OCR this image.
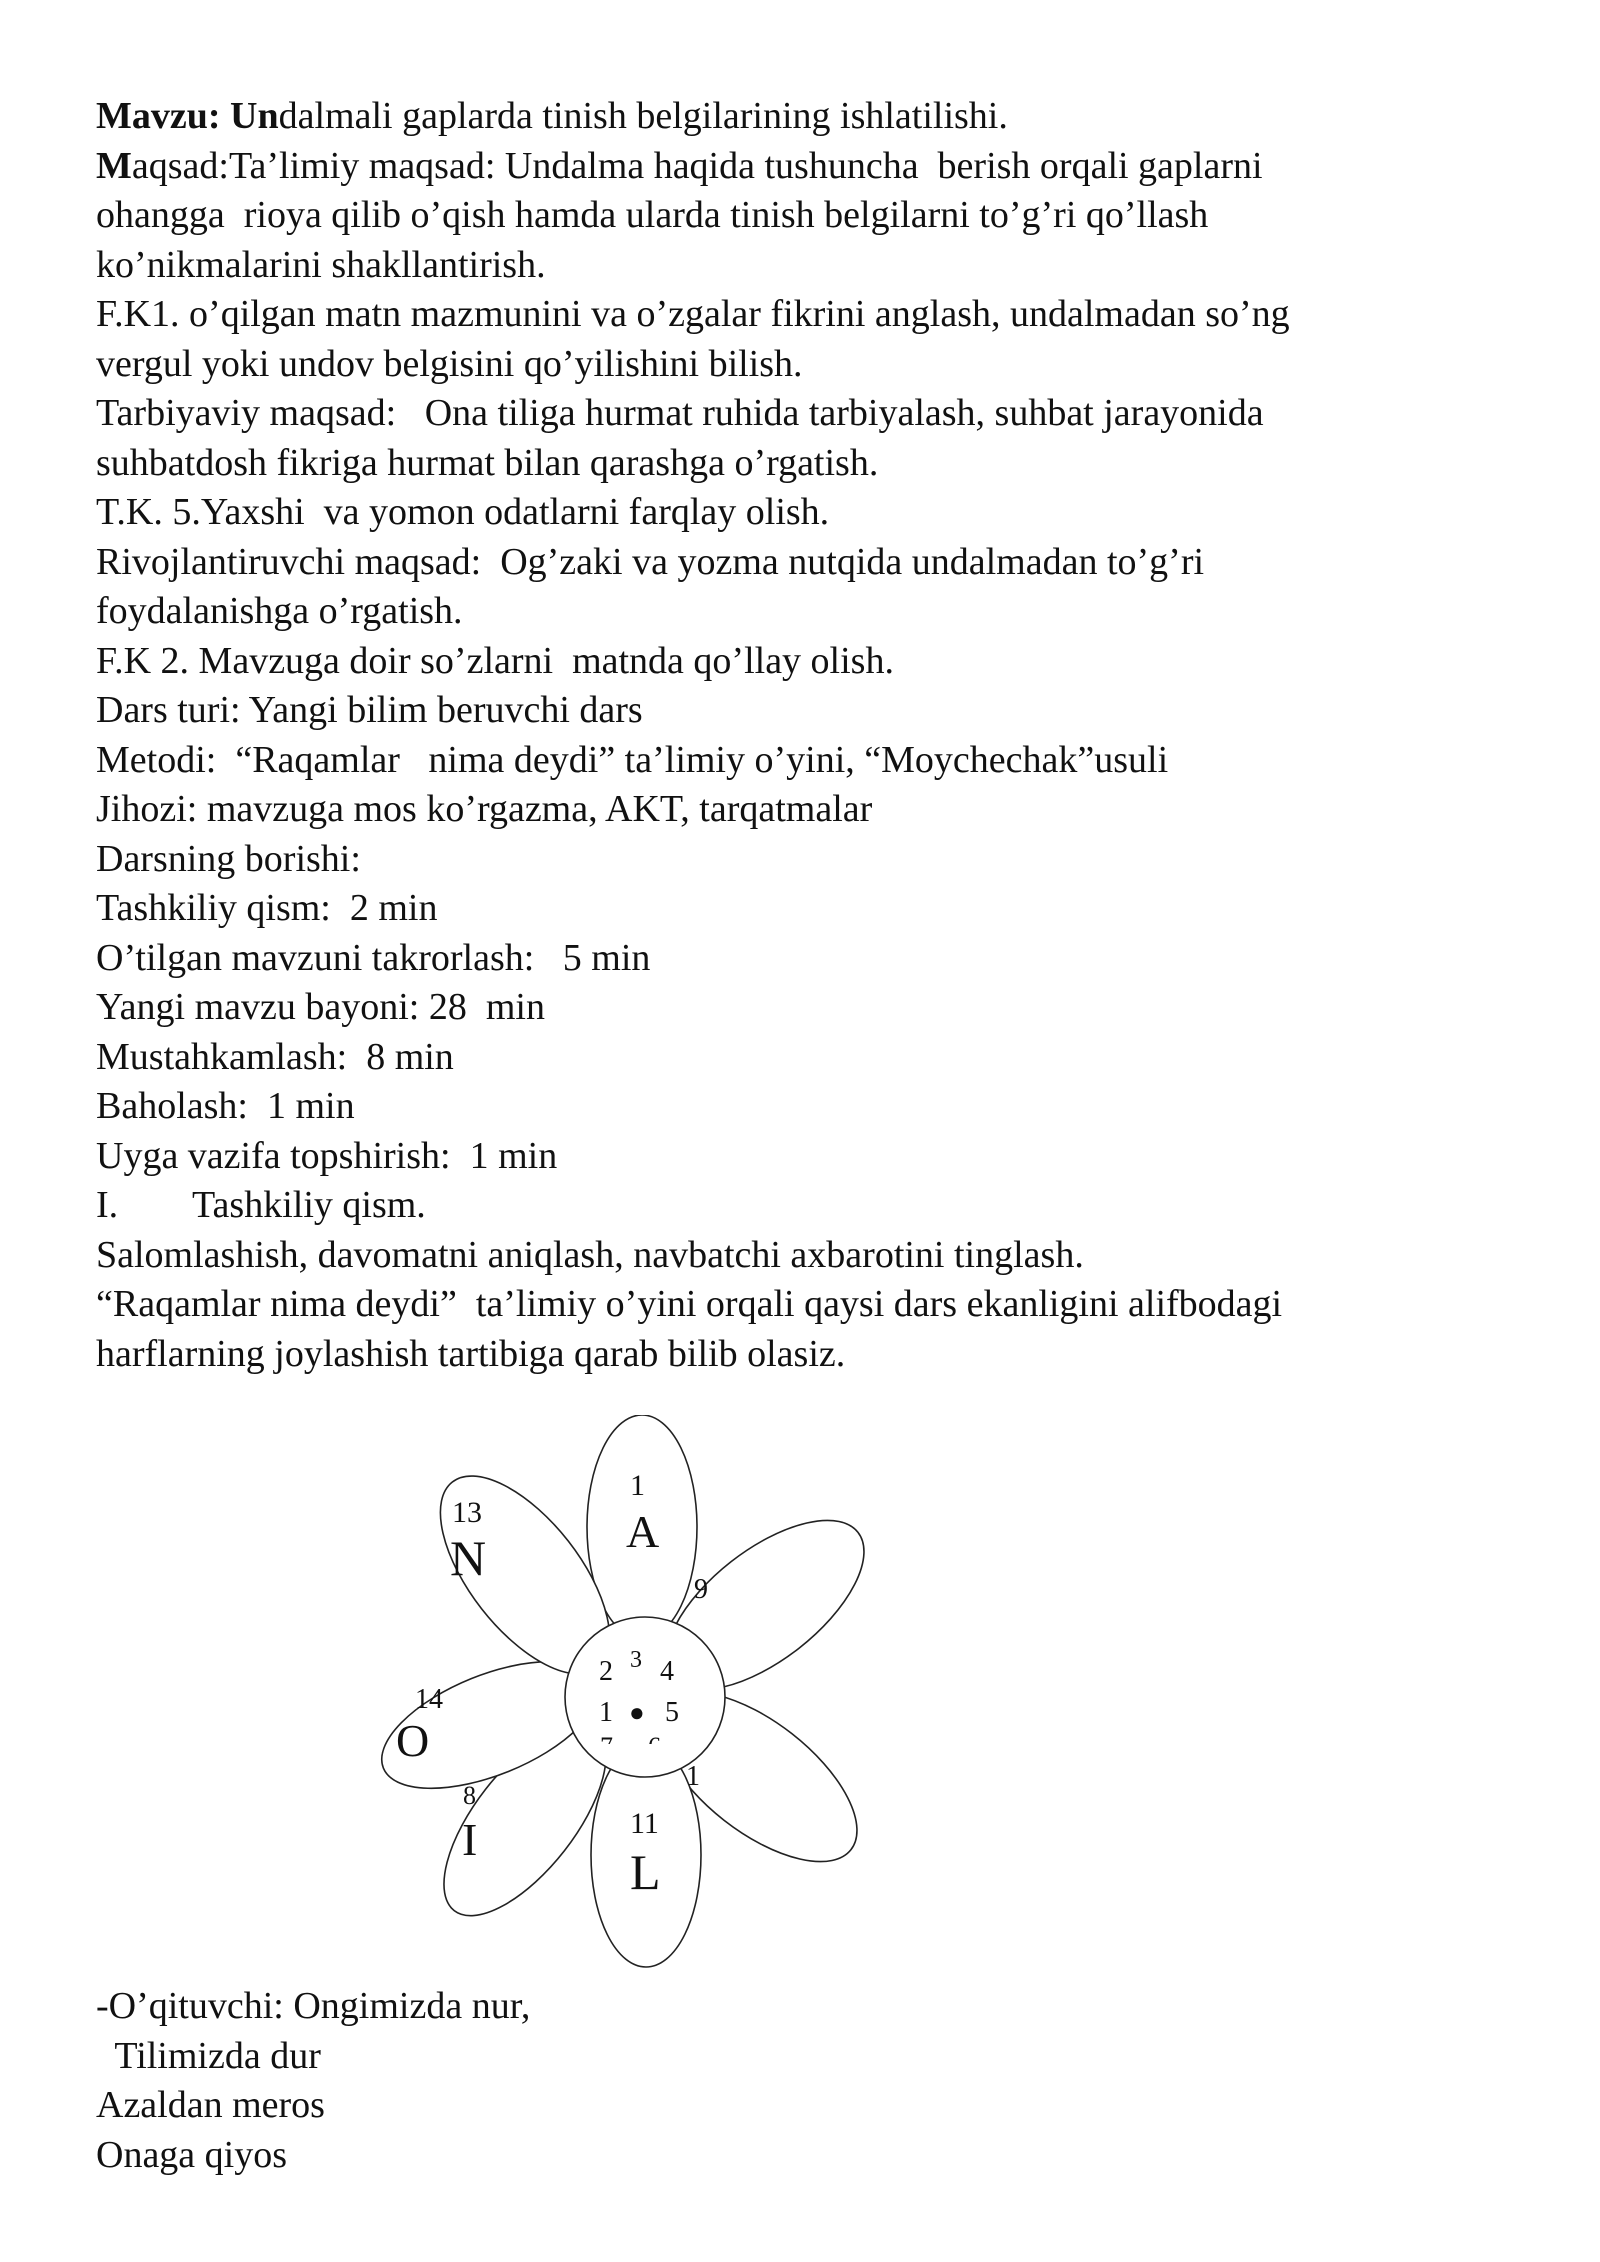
Mavzu: Undalmali gaplarda tinish belgilarining ishlatilishi.
Maqsad:Ta’limiy maqsad: Undalma haqida tushuncha  berish orqali gaplarni
ohangga  rioya qilib o’qish hamda ularda tinish belgilarni to’g’ri qo’llash
ko’nikmalarini shakllantirish.
F.K1. o’qilgan matn mazmunini va o’zgalar fikrini anglash, undalmadan so’ng
vergul yoki undov belgisini qo’yilishini bilish.
Tarbiyaviy maqsad:   Ona tiliga hurmat ruhida tarbiyalash, suhbat jarayonida
suhbatdosh fikriga hurmat bilan qarashga o’rgatish.
T.K. 5.Yaxshi  va yomon odatlarni farqlay olish.
Rivojlantiruvchi maqsad:  Og’zaki va yozma nutqida undalmadan to’g’ri
foydalanishga o’rgatish.
F.K 2. Mavzuga doir so’zlarni  matnda qo’llay olish.
Dars turi: Yangi bilim beruvchi dars
Metodi:  “Raqamlar   nima deydi” ta’limiy o’yini, “Moychechak”usuli
Jihozi: mavzuga mos ko’rgazma, AKT, tarqatmalar
Darsning borishi:
Tashkiliy qism:  2 min
O’tilgan mavzuni takrorlash:   5 min
Yangi mavzu bayoni: 28  min
Mustahkamlash:  8 min
Baholash:  1 min
Uyga vazifa topshirish:  1 min
I. Tashkiliy qism.
Salomlashish, davomatni aniqlash, navbatchi axbarotini tinglash.
“Raqamlar nima deydi”  ta’limiy o’yini orqali qaysi dars ekanligini alifbodagi
harflarning joylashish tartibiga qarab bilib olasiz.
1
A
9
1
11
L
8
I
14
O
13
N
2 3 4
1 ● 5
-O’qituvchi: Ongimizda nur,
Tilimizda dur
Azaldan meros
Onaga qiyos
